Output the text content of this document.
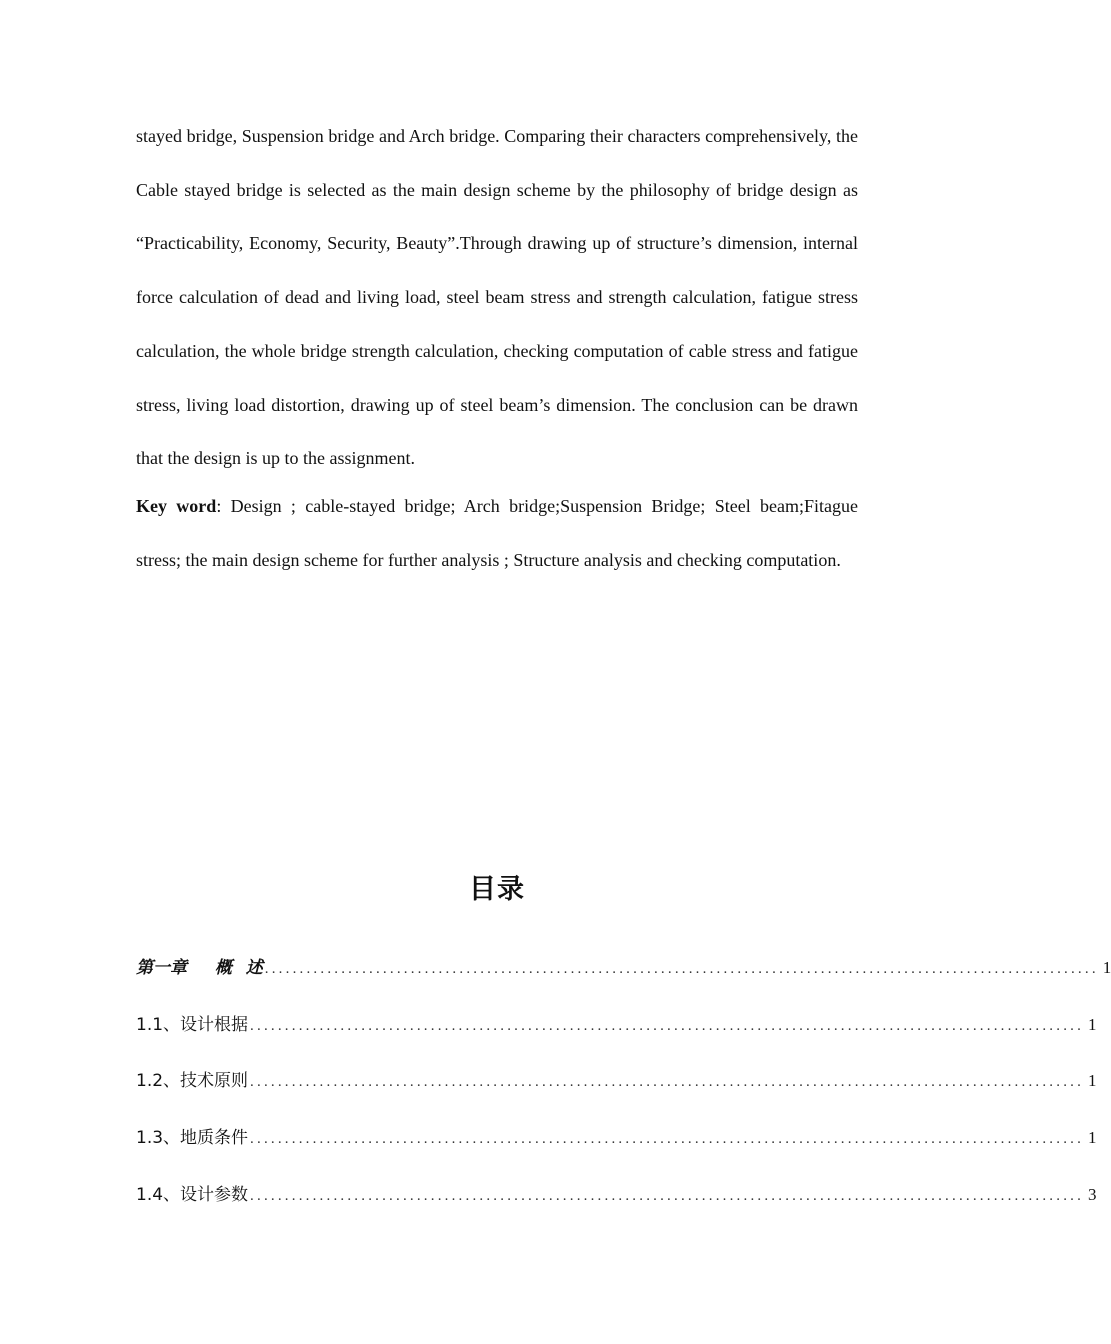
stayed bridge, Suspension bridge and Arch bridge. Comparing their characters comprehensively, the Cable stayed bridge is selected as the main design scheme by the philosophy of bridge design as “Practicability, Economy, Security, Beauty”.Through drawing up of structure’s dimension, internal force calculation of dead and living load, steel beam stress and strength calculation, fatigue stress calculation, the whole bridge strength calculation, checking computation of cable stress and fatigue stress, living load distortion, drawing up of steel beam’s dimension. The conclusion can be drawn that the design is up to the assignment.

Key word: Design ; cable-stayed bridge; Arch bridge;Suspension Bridge; Steel beam;Fitague stress; the main design scheme for further analysis ; Structure analysis and checking computation.

目录
第一章  概 述 ........................................................................................................................ 1
1.1、设计根据 ........................................................................................................................ 1
1.2、技术原则 ........................................................................................................................ 1
1.3、地质条件 ........................................................................................................................ 1
1.4、设计参数 ........................................................................................................................ 3
